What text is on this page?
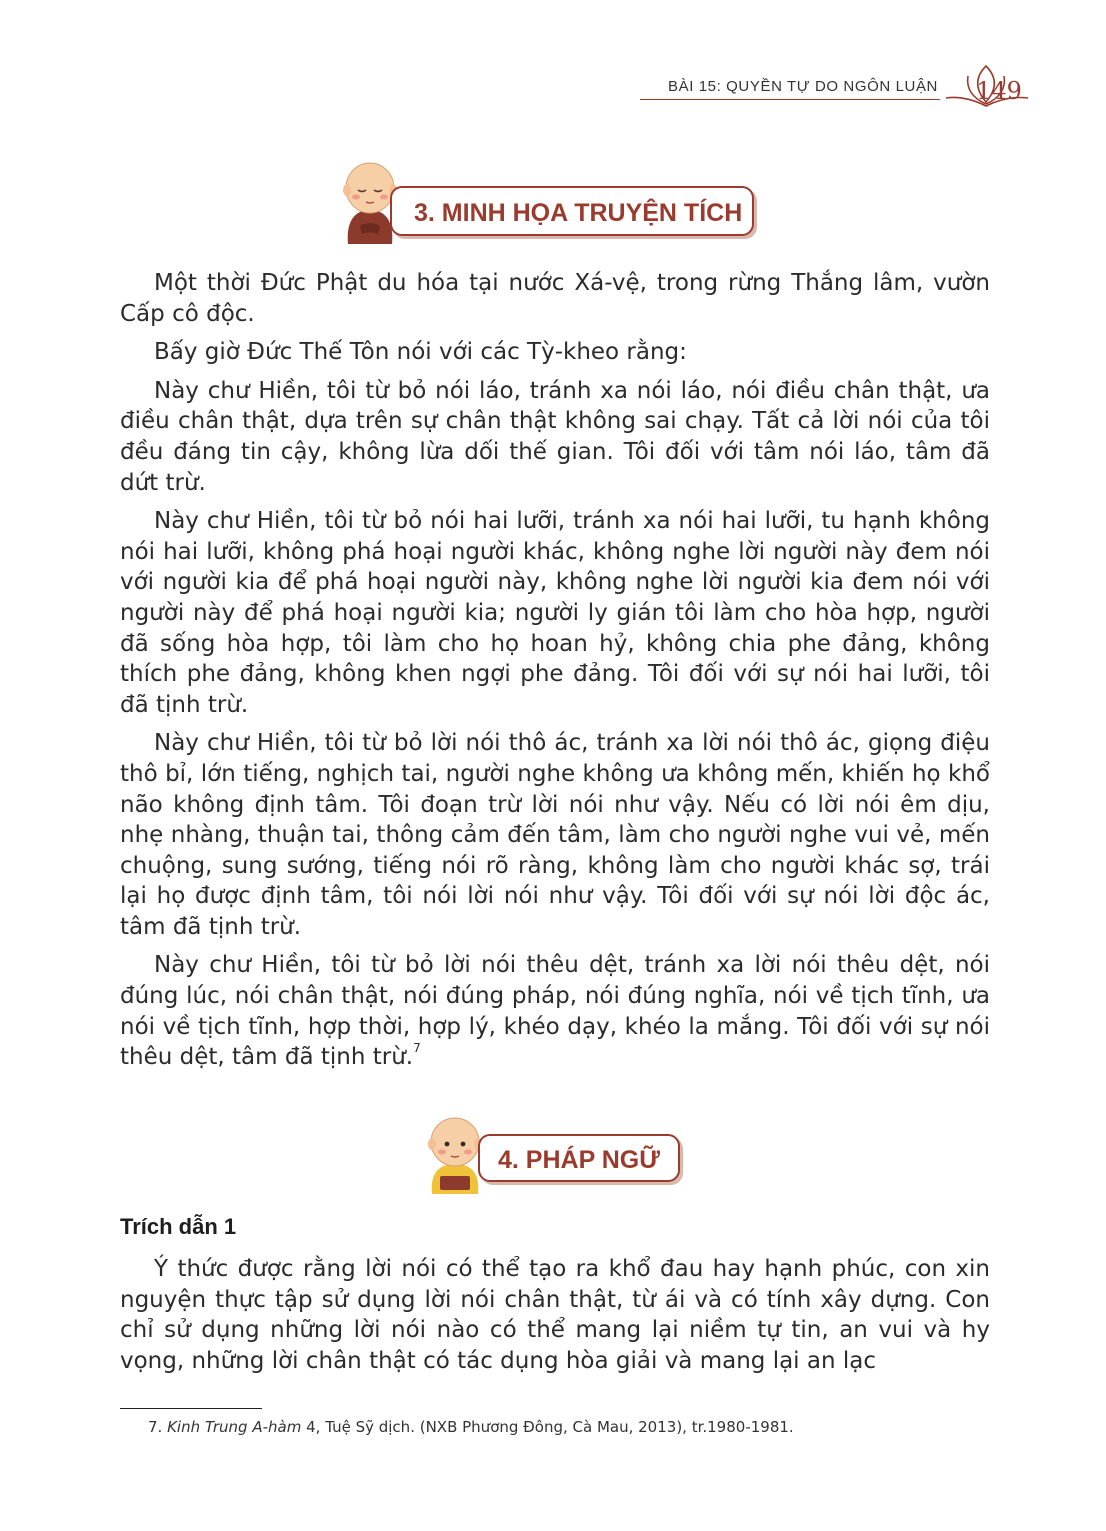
BÀI 15: QUYỀN TỰ DO NGÔN LUẬN	149
3. MINH HỌA TRUYỆN TÍCH

Một thời Đức Phật du hóa tại nước Xá-vệ, trong rừng Thắng lâm, vườn Cấp cô độc.

Bấy giờ Đức Thế Tôn nói với các Tỳ-kheo rằng:

Này chư Hiền, tôi từ bỏ nói láo, tránh xa nói láo, nói điều chân thật, ưa điều chân thật, dựa trên sự chân thật không sai chạy. Tất cả lời nói của tôi đều đáng tin cậy, không lừa dối thế gian. Tôi đối với tâm nói láo, tâm đã dứt trừ.

Này chư Hiền, tôi từ bỏ nói hai lưỡi, tránh xa nói hai lưỡi, tu hạnh không nói hai lưỡi, không phá hoại người khác, không nghe lời người này đem nói với người kia để phá hoại người này, không nghe lời người kia đem nói với người này để phá hoại người kia; người ly gián tôi làm cho hòa hợp, người đã sống hòa hợp, tôi làm cho họ hoan hỷ, không chia phe đảng, không thích phe đảng, không khen ngợi phe đảng. Tôi đối với sự nói hai lưỡi, tôi đã tịnh trừ.

Này chư Hiền, tôi từ bỏ lời nói thô ác, tránh xa lời nói thô ác, giọng điệu thô bỉ, lớn tiếng, nghịch tai, người nghe không ưa không mến, khiến họ khổ não không định tâm. Tôi đoạn trừ lời nói như vậy. Nếu có lời nói êm dịu, nhẹ nhàng, thuận tai, thông cảm đến tâm, làm cho người nghe vui vẻ, mến chuộng, sung sướng, tiếng nói rõ ràng, không làm cho người khác sợ, trái lại họ được định tâm, tôi nói lời nói như vậy. Tôi đối với sự nói lời độc ác, tâm đã tịnh trừ.

Này chư Hiền, tôi từ bỏ lời nói thêu dệt, tránh xa lời nói thêu dệt, nói đúng lúc, nói chân thật, nói đúng pháp, nói đúng nghĩa, nói về tịch tĩnh, ưa nói về tịch tĩnh, hợp thời, hợp lý, khéo dạy, khéo la mắng. Tôi đối với sự nói thêu dệt, tâm đã tịnh trừ.$^7$

4. PHÁP NGỮ
Trích dẫn 1

Ý thức được rằng lời nói có thể tạo ra khổ đau hay hạnh phúc, con xin nguyện thực tập sử dụng lời nói chân thật, từ ái và có tính xây dựng. Con chỉ sử dụng những lời nói nào có thể mang lại niềm tự tin, an vui và hy vọng, những lời chân thật có tác dụng hòa giải và mang lại an lạc

7. Kinh Trung A-hàm 4, Tuệ Sỹ dịch. (NXB Phương Đông, Cà Mau, 2013), tr.1980-1981.
